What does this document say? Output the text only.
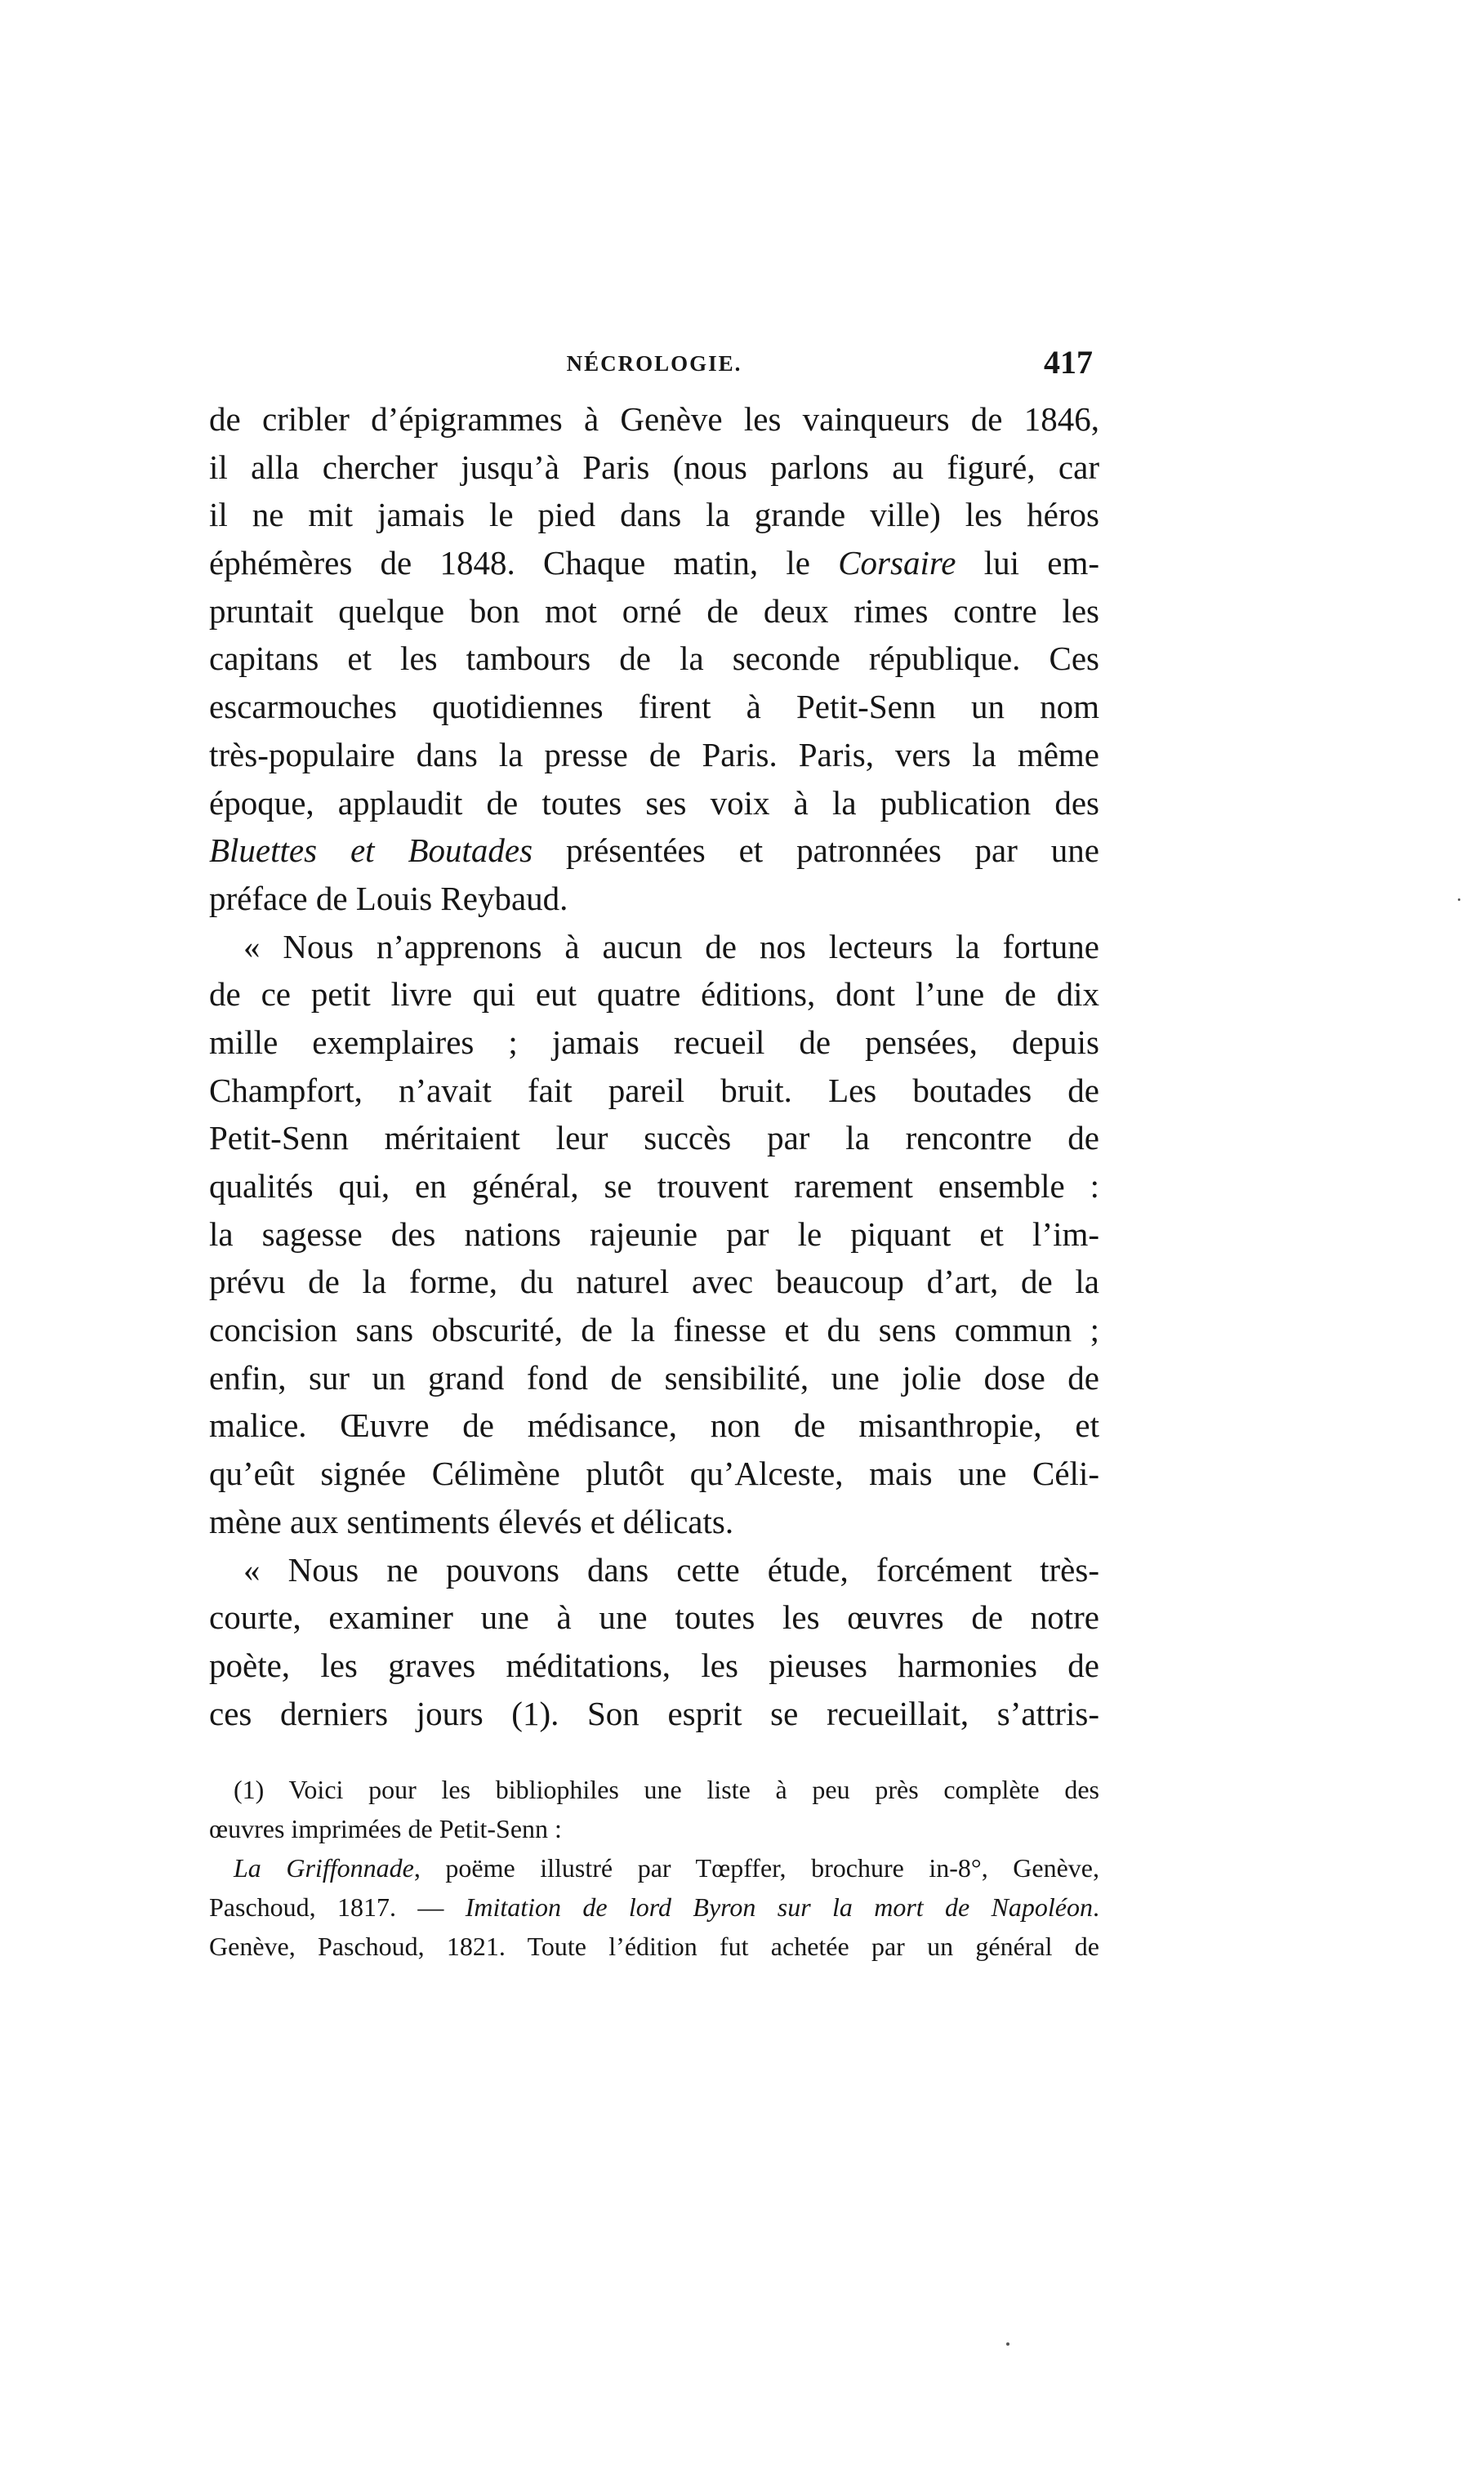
NÉCROLOGIE.	417
de cribler d’épigrammes à Genève les vainqueurs de 1846,
il alla chercher jusqu’à Paris (nous parlons au figuré, car
il ne mit jamais le pied dans la grande ville) les héros
éphémères de 1848. Chaque matin, le Corsaire lui em-
pruntait quelque bon mot orné de deux rimes contre les
capitans et les tambours de la seconde république. Ces
escarmouches quotidiennes firent à Petit-Senn un nom
très-populaire dans la presse de Paris. Paris, vers la même
époque, applaudit de toutes ses voix à la publication des
Bluettes et Boutades présentées et patronnées par une
préface de Louis Reybaud.
« Nous n’apprenons à aucun de nos lecteurs la fortune
de ce petit livre qui eut quatre éditions, dont l’une de dix
mille exemplaires ; jamais recueil de pensées, depuis
Champfort, n’avait fait pareil bruit. Les boutades de
Petit-Senn méritaient leur succès par la rencontre de
qualités qui, en général, se trouvent rarement ensemble :
la sagesse des nations rajeunie par le piquant et l’im-
prévu de la forme, du naturel avec beaucoup d’art, de la
concision sans obscurité, de la finesse et du sens commun ;
enfin, sur un grand fond de sensibilité, une jolie dose de
malice. Œuvre de médisance, non de misanthropie, et
qu’eût signée Célimène plutôt qu’Alceste, mais une Céli-
mène aux sentiments élevés et délicats.
« Nous ne pouvons dans cette étude, forcément très-
courte, examiner une à une toutes les œuvres de notre
poète, les graves méditations, les pieuses harmonies de
ces derniers jours (1). Son esprit se recueillait, s’attris-
(1) Voici pour les bibliophiles une liste à peu près complète des
œuvres imprimées de Petit-Senn :
La Griffonnade, poëme illustré par Tœpffer, brochure in-8°, Genève,
Paschoud, 1817. — Imitation de lord Byron sur la mort de Napoléon.
Genève, Paschoud, 1821. Toute l’édition fut achetée par un général de
